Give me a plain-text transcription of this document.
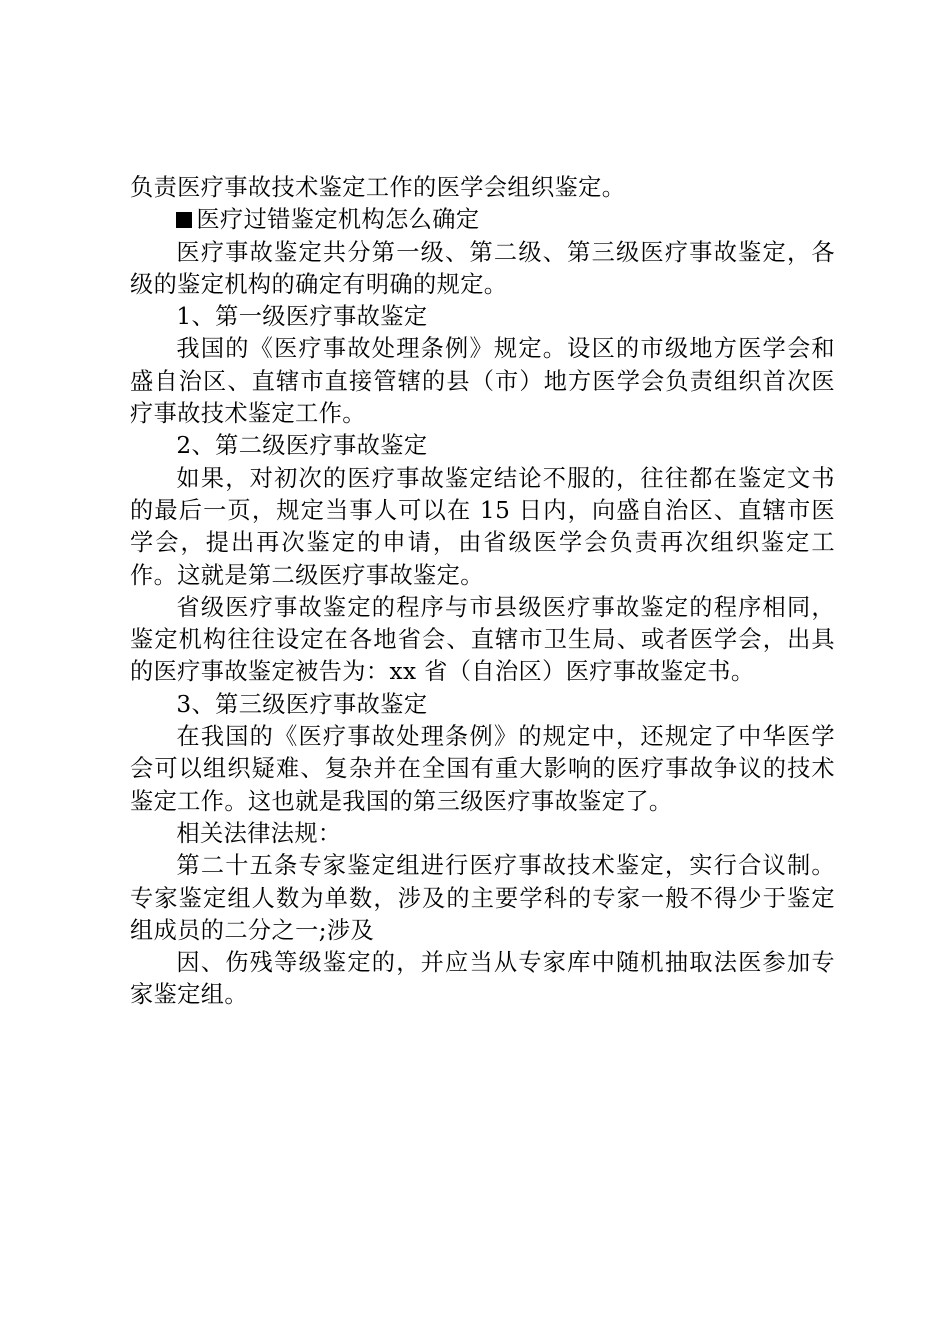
负责医疗事故技术鉴定工作的医学会组织鉴定。

医疗过错鉴定机构怎么确定

医疗事故鉴定共分第一级、第二级、第三级医疗事故鉴定，各级的鉴定机构的确定有明确的规定。

1、第一级医疗事故鉴定

我国的《医疗事故处理条例》规定。设区的市级地方医学会和盛自治区、直辖市直接管辖的县（市）地方医学会负责组织首次医疗事故技术鉴定工作。

2、第二级医疗事故鉴定

如果，对初次的医疗事故鉴定结论不服的，往往都在鉴定文书的最后一页，规定当事人可以在 15 日内，向盛自治区、直辖市医学会，提出再次鉴定的申请，由省级医学会负责再次组织鉴定工作。这就是第二级医疗事故鉴定。

省级医疗事故鉴定的程序与市县级医疗事故鉴定的程序相同，鉴定机构往往设定在各地省会、直辖市卫生局、或者医学会，出具的医疗事故鉴定被告为：xx 省（自治区）医疗事故鉴定书。

3、第三级医疗事故鉴定

在我国的《医疗事故处理条例》的规定中，还规定了中华医学会可以组织疑难、复杂并在全国有重大影响的医疗事故争议的技术鉴定工作。这也就是我国的第三级医疗事故鉴定了。

相关法律法规：

第二十五条专家鉴定组进行医疗事故技术鉴定，实行合议制。专家鉴定组人数为单数，涉及的主要学科的专家一般不得少于鉴定组成员的二分之一;涉及

因、伤残等级鉴定的，并应当从专家库中随机抽取法医参加专家鉴定组。
